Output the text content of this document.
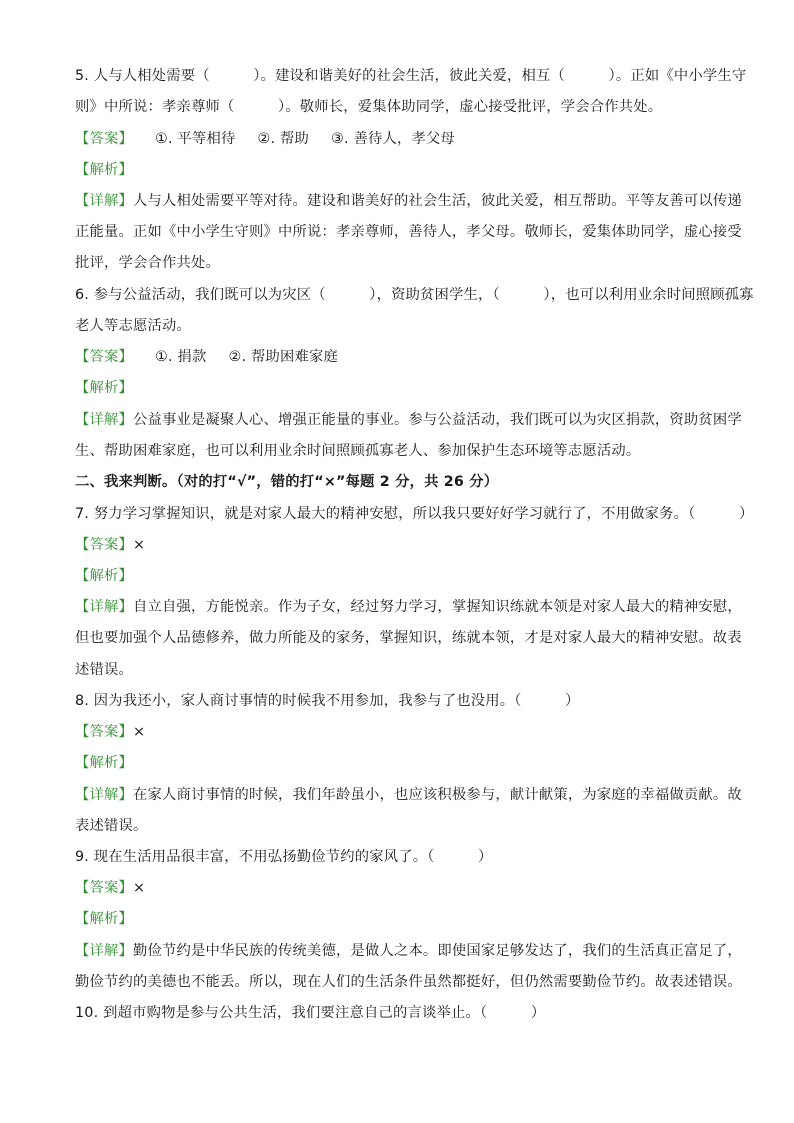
5. 人与人相处需要（　　　）。建设和谐美好的社会生活，彼此关爱，相互（　　　）。正如《中小学生守
则》中所说：孝亲尊师（　　　）。敬师长，爱集体助同学，虚心接受批评，学会合作共处。
【答案】 ①. 平等相待 ②. 帮助 ③. 善待人，孝父母
【解析】
【详解】人与人相处需要平等对待。建设和谐美好的社会生活，彼此关爱，相互帮助。平等友善可以传递
正能量。正如《中小学生守则》中所说：孝亲尊师，善待人，孝父母。敬师长，爱集体助同学，虚心接受
批评，学会合作共处。
6. 参与公益活动，我们既可以为灾区（　　　），资助贫困学生，（　　　），也可以利用业余时间照顾孤寡
老人等志愿活动。
【答案】 ①. 捐款 ②. 帮助困难家庭
【解析】
【详解】公益事业是凝聚人心、增强正能量的事业。参与公益活动，我们既可以为灾区捐款，资助贫困学
生、帮助困难家庭，也可以利用业余时间照顾孤寡老人、参加保护生态环境等志愿活动。
二、我来判断。（对的打“√”，错的打“×”每题 2 分，共 26 分）
7. 努力学习掌握知识，就是对家人最大的精神安慰，所以我只要好好学习就行了，不用做家务。（　　　）
【答案】×
【解析】
【详解】自立自强，方能悦亲。作为子女，经过努力学习，掌握知识练就本领是对家人最大的精神安慰，
但也要加强个人品德修养，做力所能及的家务，掌握知识，练就本领，才是对家人最大的精神安慰。故表
述错误。
8. 因为我还小，家人商讨事情的时候我不用参加，我参与了也没用。（　　　）
【答案】×
【解析】
【详解】在家人商讨事情的时候，我们年龄虽小，也应该积极参与，献计献策，为家庭的幸福做贡献。故
表述错误。
9. 现在生活用品很丰富，不用弘扬勤俭节约的家风了。（　　　）
【答案】×
【解析】
【详解】勤俭节约是中华民族的传统美德，是做人之本。即使国家足够发达了，我们的生活真正富足了，
勤俭节约的美德也不能丢。所以，现在人们的生活条件虽然都挺好，但仍然需要勤俭节约。故表述错误。
10. 到超市购物是参与公共生活，我们要注意自己的言谈举止。（　　　）
